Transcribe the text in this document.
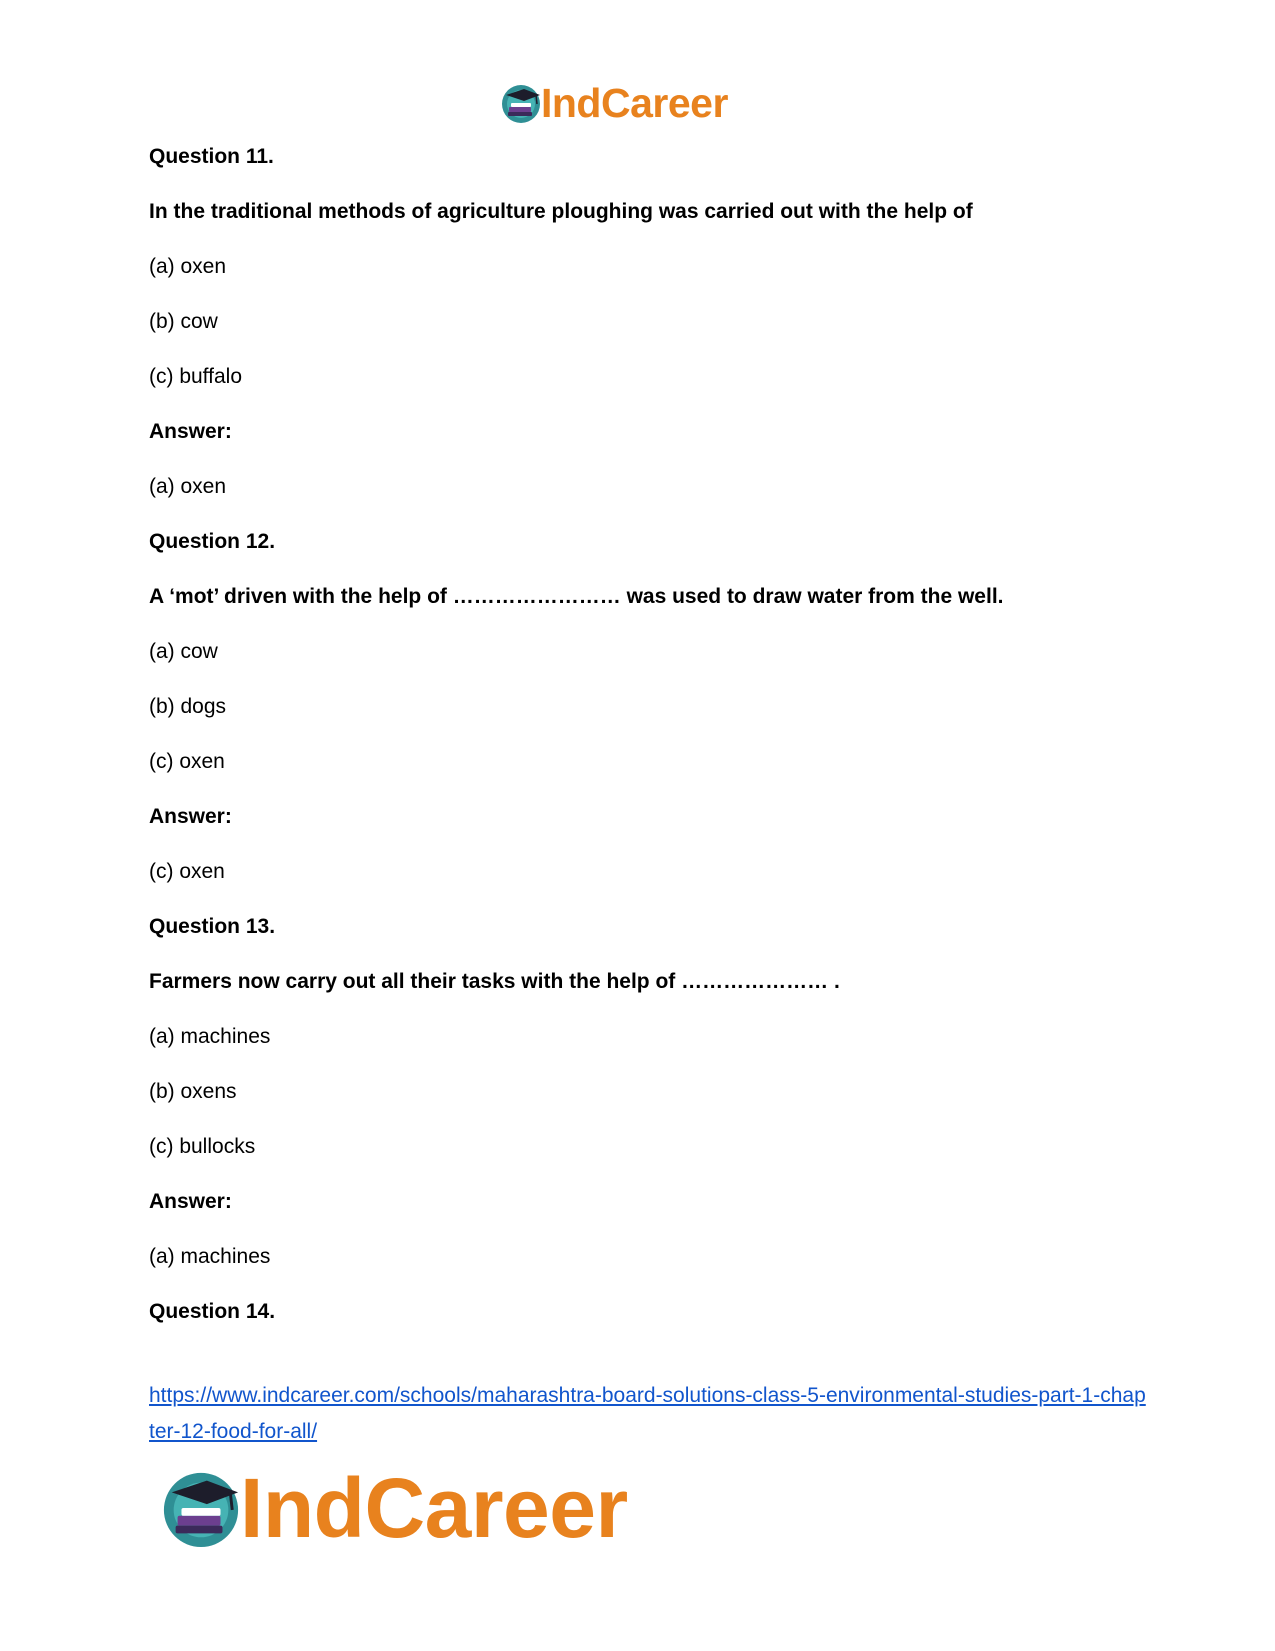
IndCareer
Question 11.
In the traditional methods of agriculture ploughing was carried out with the help of
(a) oxen
(b) cow
(c) buffalo
Answer:
(a) oxen
Question 12.
A ‘mot’ driven with the help of …………………… was used to draw water from the well.
(a) cow
(b) dogs
(c) oxen
Answer:
(c) oxen
Question 13.
Farmers now carry out all their tasks with the help of ………………… .
(a) machines
(b) oxens
(c) bullocks
Answer:
(a) machines
Question 14.
https://www.indcareer.com/schools/maharashtra-board-solutions-class-5-environmental-studies-part-1-chapter-12-food-for-all/
IndCareer
